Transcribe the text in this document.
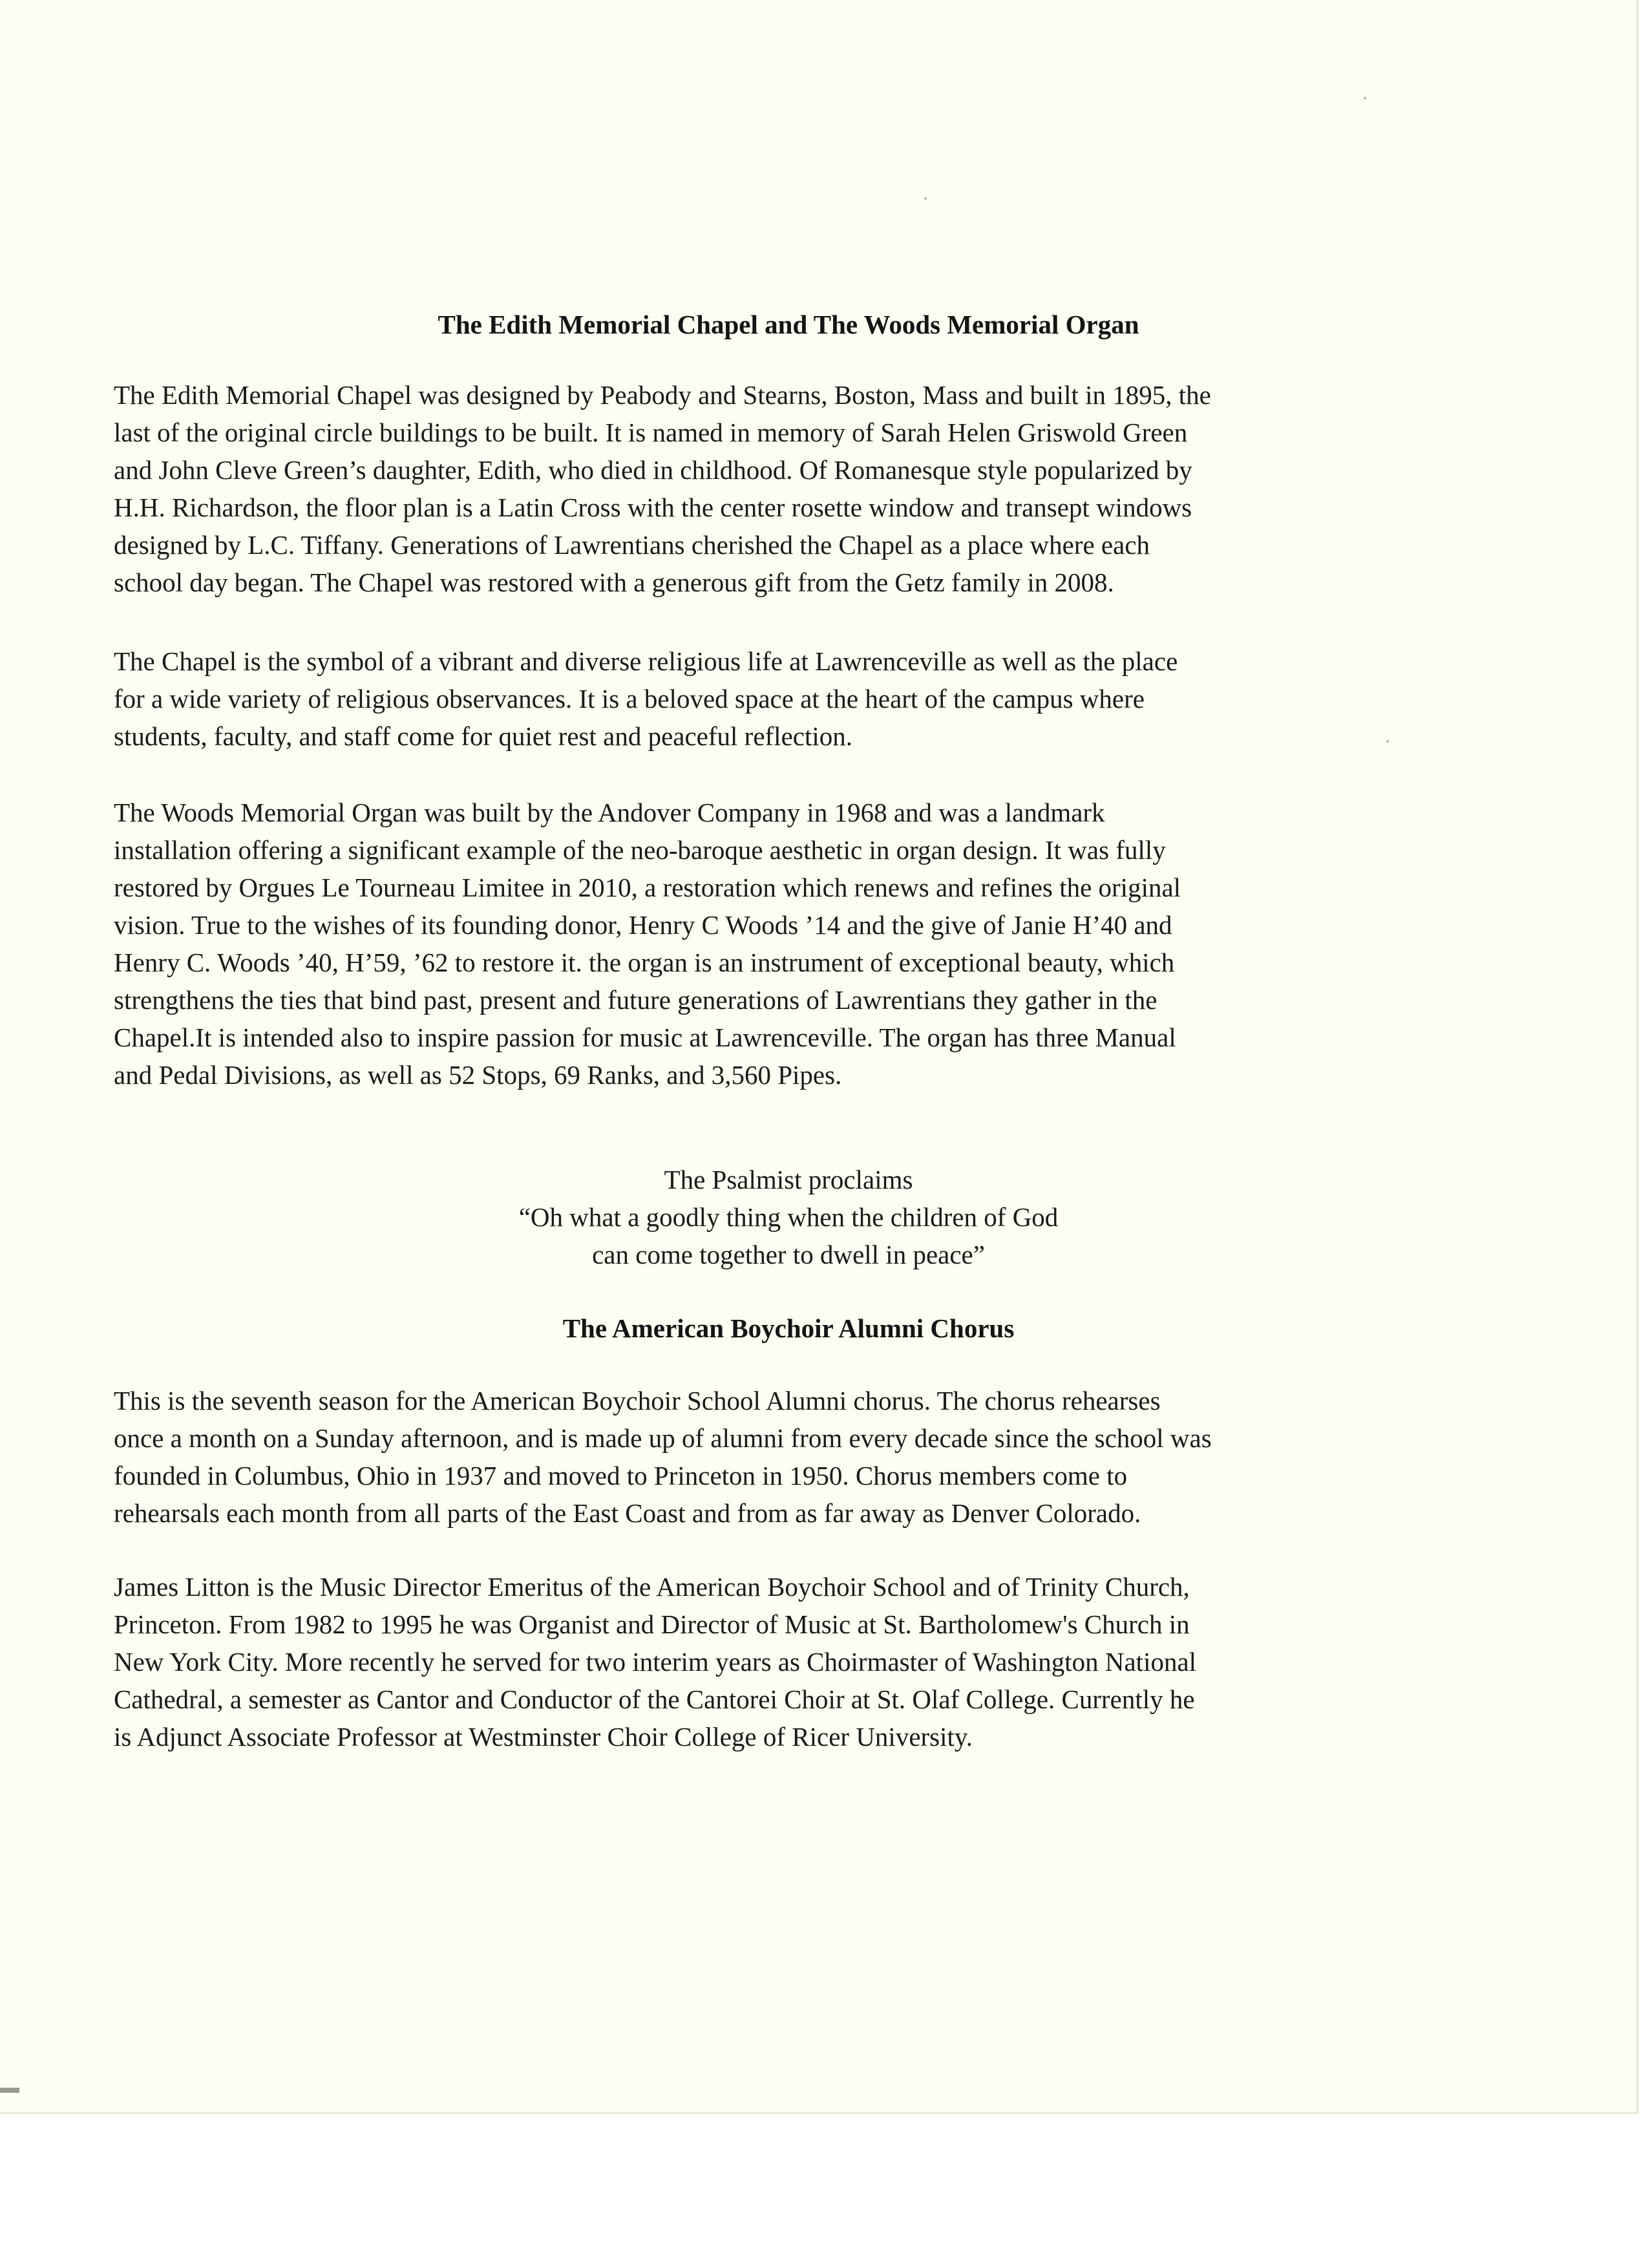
The Edith Memorial Chapel and The Woods Memorial Organ
The Edith Memorial Chapel was designed by Peabody and Stearns, Boston, Mass and built in 1895, the
last of the original circle buildings to be built. It is named in memory of Sarah Helen Griswold Green
and John Cleve Green’s daughter, Edith, who died in childhood. Of Romanesque style popularized by
H.H. Richardson, the floor plan is a Latin Cross with the center rosette window and transept windows
designed by L.C. Tiffany. Generations of Lawrentians cherished the Chapel as a place where each
school day began. The Chapel was restored with a generous gift from the Getz family in 2008.
The Chapel is the symbol of a vibrant and diverse religious life at Lawrenceville as well as the place
for a wide variety of religious observances. It is a beloved space at the heart of the campus where
students, faculty, and staff come for quiet rest and peaceful reflection.
The Woods Memorial Organ was built by the Andover Company in 1968 and was a landmark
installation offering a significant example of the neo-baroque aesthetic in organ design. It was fully
restored by Orgues Le Tourneau Limitee in 2010, a restoration which renews and refines the original
vision. True to the wishes of its founding donor, Henry C Woods ’14 and the give of Janie H’40 and
Henry C. Woods ’40, H’59, ’62 to restore it. the organ is an instrument of exceptional beauty, which
strengthens the ties that bind past, present and future generations of Lawrentians they gather in the
Chapel.It is intended also to inspire passion for music at Lawrenceville. The organ has three Manual
and Pedal Divisions, as well as 52 Stops, 69 Ranks, and 3,560 Pipes.
The Psalmist proclaims
“Oh what a goodly thing when the children of God
can come together to dwell in peace”
The American Boychoir Alumni Chorus
This is the seventh season for the American Boychoir School Alumni chorus. The chorus rehearses
once a month on a Sunday afternoon, and is made up of alumni from every decade since the school was
founded in Columbus, Ohio in 1937 and moved to Princeton in 1950. Chorus members come to
rehearsals each month from all parts of the East Coast and from as far away as Denver Colorado.
James Litton is the Music Director Emeritus of the American Boychoir School and of Trinity Church,
Princeton. From 1982 to 1995 he was Organist and Director of Music at St. Bartholomew's Church in
New York City. More recently he served for two interim years as Choirmaster of Washington National
Cathedral, a semester as Cantor and Conductor of the Cantorei Choir at St. Olaf College. Currently he
is Adjunct Associate Professor at Westminster Choir College of Ricer University.
